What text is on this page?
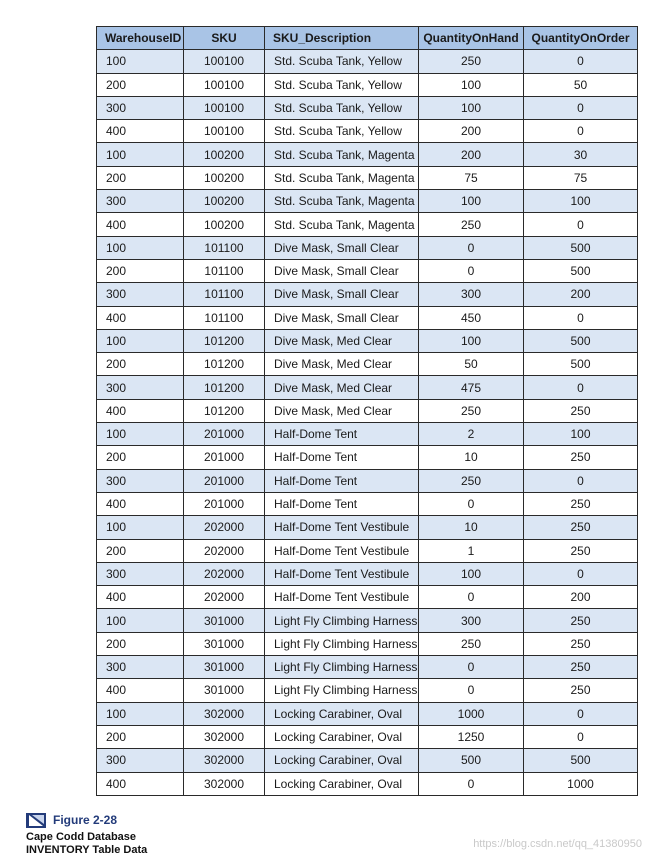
WarehouseID	SKU	SKU_Description	QuantityOnHand	QuantityOnOrder
100	100100	Std. Scuba Tank, Yellow	250	0
200	100100	Std. Scuba Tank, Yellow	100	50
300	100100	Std. Scuba Tank, Yellow	100	0
400	100100	Std. Scuba Tank, Yellow	200	0
100	100200	Std. Scuba Tank, Magenta	200	30
200	100200	Std. Scuba Tank, Magenta	75	75
300	100200	Std. Scuba Tank, Magenta	100	100
400	100200	Std. Scuba Tank, Magenta	250	0
100	101100	Dive Mask, Small Clear	0	500
200	101100	Dive Mask, Small Clear	0	500
300	101100	Dive Mask, Small Clear	300	200
400	101100	Dive Mask, Small Clear	450	0
100	101200	Dive Mask, Med Clear	100	500
200	101200	Dive Mask, Med Clear	50	500
300	101200	Dive Mask, Med Clear	475	0
400	101200	Dive Mask, Med Clear	250	250
100	201000	Half-Dome Tent	2	100
200	201000	Half-Dome Tent	10	250
300	201000	Half-Dome Tent	250	0
400	201000	Half-Dome Tent	0	250
100	202000	Half-Dome Tent Vestibule	10	250
200	202000	Half-Dome Tent Vestibule	1	250
300	202000	Half-Dome Tent Vestibule	100	0
400	202000	Half-Dome Tent Vestibule	0	200
100	301000	Light Fly Climbing Harness	300	250
200	301000	Light Fly Climbing Harness	250	250
300	301000	Light Fly Climbing Harness	0	250
400	301000	Light Fly Climbing Harness	0	250
100	302000	Locking Carabiner, Oval	1000	0
200	302000	Locking Carabiner, Oval	1250	0
300	302000	Locking Carabiner, Oval	500	500
400	302000	Locking Carabiner, Oval	0	1000
Figure 2-28
Cape Codd Database
INVENTORY Table Data	https://blog.csdn.net/qq_41380950
